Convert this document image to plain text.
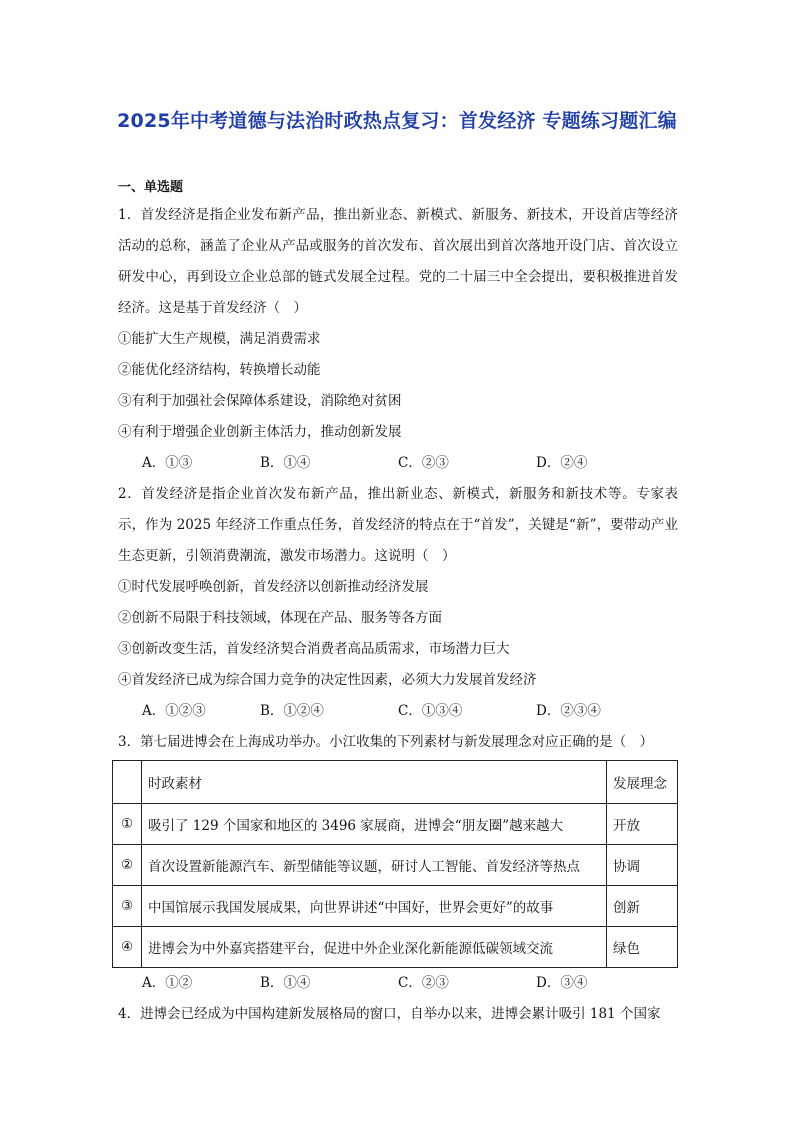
2025年中考道德与法治时政热点复习：首发经济 专题练习题汇编
一、单选题

1．首发经济是指企业发布新产品，推出新业态、新模式、新服务、新技术，开设首店等经济活动的总称，涵盖了企业从产品或服务的首次发布、首次展出到首次落地开设门店、首次设立研发中心，再到设立企业总部的链式发展全过程。党的二十届三中全会提出，要积极推进首发经济。这是基于首发经济（　）

①能扩大生产规模，满足消费需求

②能优化经济结构，转换增长动能

③有利于加强社会保障体系建设，消除绝对贫困

④有利于增强企业创新主体活力，推动创新发展

A．①③	B．①④	C．②③	D．②④

2．首发经济是指企业首次发布新产品，推出新业态、新模式，新服务和新技术等。专家表示，作为 2025 年经济工作重点任务，首发经济的特点在于“首发”，关键是“新”，要带动产业生态更新，引领消费潮流，激发市场潜力。这说明（　）

①时代发展呼唤创新，首发经济以创新推动经济发展

②创新不局限于科技领域，体现在产品、服务等各方面

③创新改变生活，首发经济契合消费者高品质需求，市场潜力巨大

④首发经济已成为综合国力竞争的决定性因素，必须大力发展首发经济

A．①②③	B．①②④	C．①③④	D．②③④

3．第七届进博会在上海成功举办。小江收集的下列素材与新发展理念对应正确的是（　）

	时政素材	发展理念
①	吸引了 129 个国家和地区的 3496 家展商，进博会“朋友圈”越来越大	开放
②	首次设置新能源汽车、新型储能等议题，研讨人工智能、首发经济等热点	协调
③	中国馆展示我国发展成果，向世界讲述“中国好，世界会更好”的故事	创新
④	进博会为中外嘉宾搭建平台，促进中外企业深化新能源低碳领域交流	绿色
A．①②	B．①④	C．②③	D．③④

4．进博会已经成为中国构建新发展格局的窗口，自举办以来，进博会累计吸引 181 个国家
